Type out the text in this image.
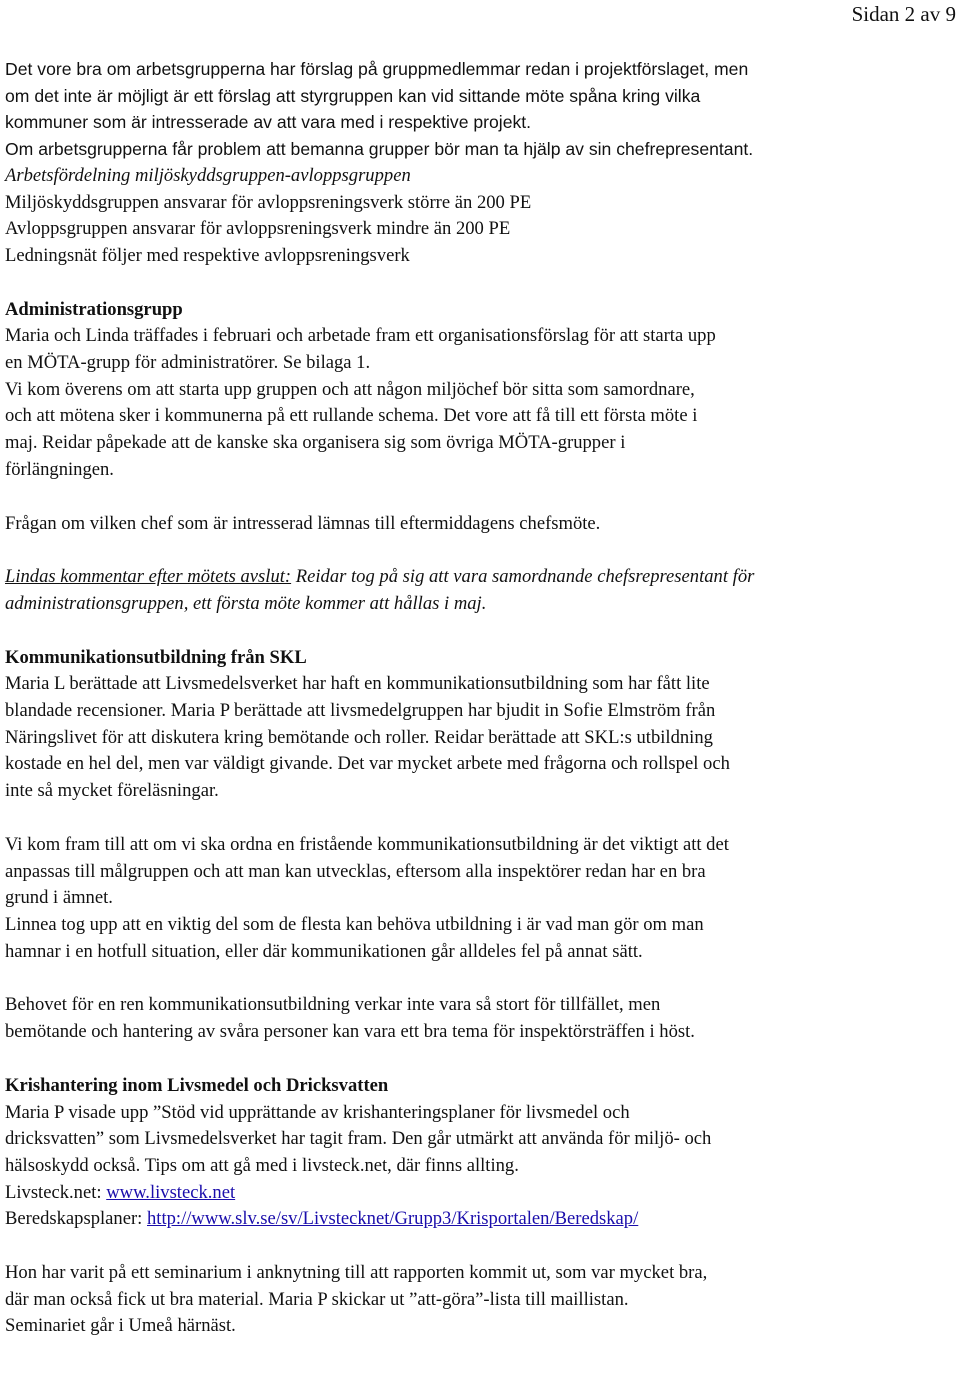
Sidan 2 av 9

Det vore bra om arbetsgrupperna har förslag på gruppmedlemmar redan i projektförslaget, men

om det inte är möjligt är ett förslag att styrgruppen kan vid sittande möte spåna kring vilka

kommuner som är intresserade av att vara med i respektive projekt.

Om arbetsgrupperna får problem att bemanna grupper bör man ta hjälp av sin chefrepresentant.

Arbetsfördelning miljöskyddsgruppen-avloppsgruppen

Miljöskyddsgruppen ansvarar för avloppsreningsverk större än 200 PE

Avloppsgruppen ansvarar för avloppsreningsverk mindre än 200 PE

Ledningsnät följer med respektive avloppsreningsverk

Administrationsgrupp

Maria och Linda träffades i februari och arbetade fram ett organisationsförslag för att starta upp

en MÖTA-grupp för administratörer. Se bilaga 1.

Vi kom överens om att starta upp gruppen och att någon miljöchef bör sitta som samordnare,

och att mötena sker i kommunerna på ett rullande schema. Det vore att få till ett första möte i

maj. Reidar påpekade att de kanske ska organisera sig som övriga MÖTA-grupper i

förlängningen.

Frågan om vilken chef som är intresserad lämnas till eftermiddagens chefsmöte.

Lindas kommentar efter mötets avslut: Reidar tog på sig att vara samordnande chefsrepresentant för

administrationsgruppen, ett första möte kommer att hållas i maj.

Kommunikationsutbildning från SKL

Maria L berättade att Livsmedelsverket har haft en kommunikationsutbildning som har fått lite

blandade recensioner. Maria P berättade att livsmedelgruppen har bjudit in Sofie Elmström från

Näringslivet för att diskutera kring bemötande och roller. Reidar berättade att SKL:s utbildning

kostade en hel del, men var väldigt givande. Det var mycket arbete med frågorna och rollspel och

inte så mycket föreläsningar.

Vi kom fram till att om vi ska ordna en fristående kommunikationsutbildning är det viktigt att det

anpassas till målgruppen och att man kan utvecklas, eftersom alla inspektörer redan har en bra

grund i ämnet.

Linnea tog upp att en viktig del som de flesta kan behöva utbildning i är vad man gör om man

hamnar i en hotfull situation, eller där kommunikationen går alldeles fel på annat sätt.

Behovet för en ren kommunikationsutbildning verkar inte vara så stort för tillfället, men

bemötande och hantering av svåra personer kan vara ett bra tema för inspektörsträffen i höst.

Krishantering inom Livsmedel och Dricksvatten

Maria P visade upp ”Stöd vid upprättande av krishanteringsplaner för livsmedel och

dricksvatten” som Livsmedelsverket har tagit fram. Den går utmärkt att använda för miljö- och

hälsoskydd också. Tips om att gå med i livsteck.net, där finns allting.

Livsteck.net: www.livsteck.net

Beredskapsplaner: http://www.slv.se/sv/Livstecknet/Grupp3/Krisportalen/Beredskap/

Hon har varit på ett seminarium i anknytning till att rapporten kommit ut, som var mycket bra,

där man också fick ut bra material. Maria P skickar ut ”att-göra”-lista till maillistan.

Seminariet går i Umeå härnäst.
